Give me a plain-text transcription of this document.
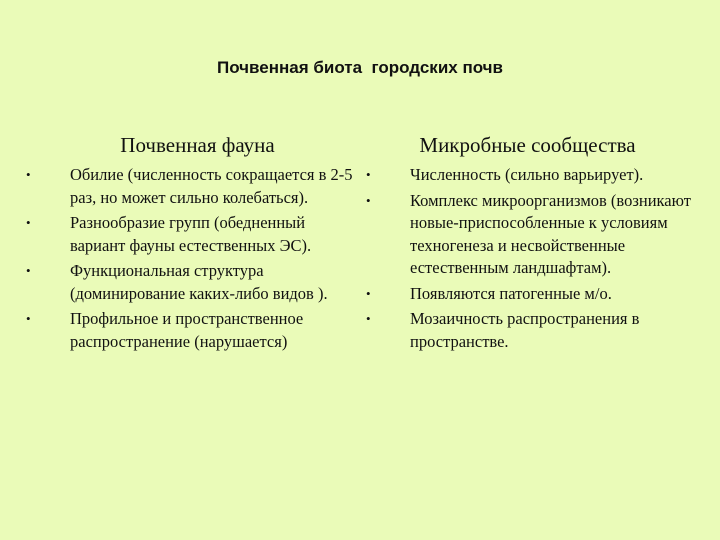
Почвенная биота  городских почв
Почвенная фауна	Микробные сообщества
• Обилие (численность сокращается в 2-5 раз, но может сильно колебаться).
• Разнообразие групп (обедненный вариант фауны естественных ЭС).
• Функциональная структура (доминирование каких-либо видов ).
• Профильное и пространственное распространение (нарушается)
• Численность (сильно варьирует).
• Комплекс микроорганизмов (возникают новые-приспособленные к условиям техногенеза и несвойственные естественным ландшафтам).
• Появляются патогенные м/о.
• Мозаичность распространения в пространстве.
